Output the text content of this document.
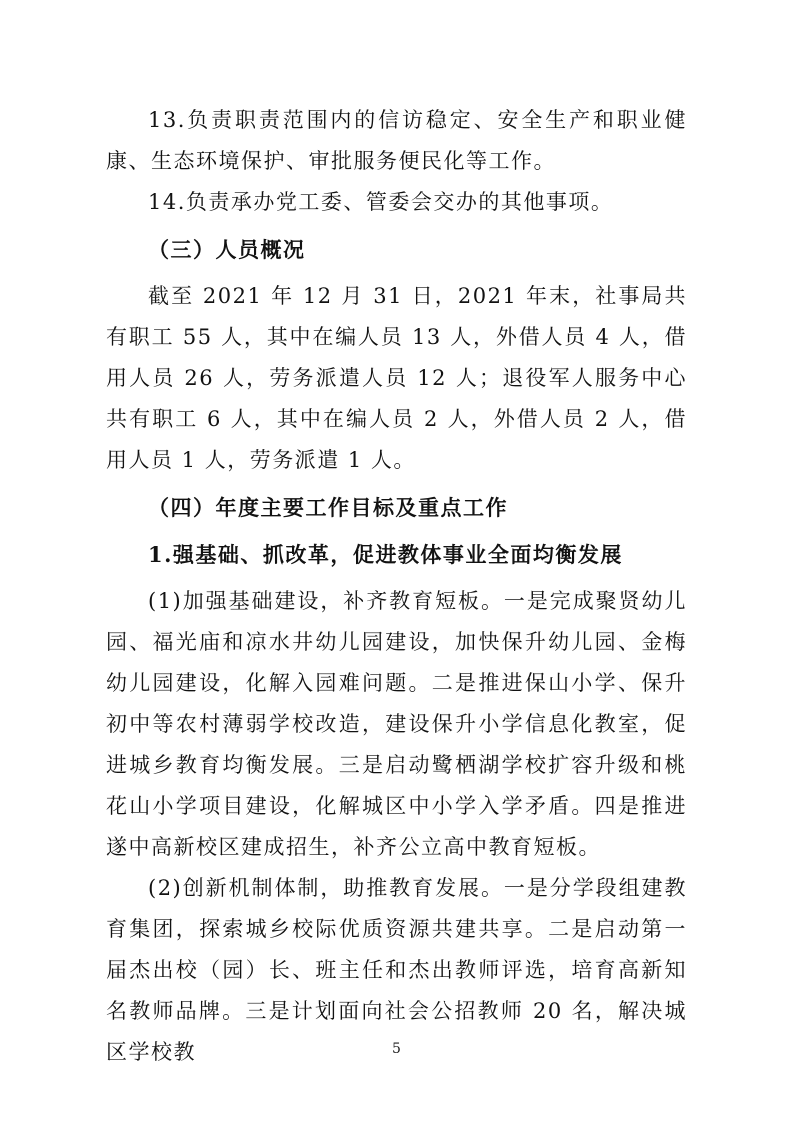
13.负责职责范围内的信访稳定、安全生产和职业健康、生态环境保护、审批服务便民化等工作。

14.负责承办党工委、管委会交办的其他事项。

（三）人员概况

截至 2021 年 12 月 31 日，2021 年末，社事局共有职工 55 人，其中在编人员 13 人，外借人员 4 人，借用人员 26 人，劳务派遣人员 12 人；退役军人服务中心共有职工 6 人，其中在编人员 2 人，外借人员 2 人，借用人员 1 人，劳务派遣 1 人。

（四）年度主要工作目标及重点工作

1.强基础、抓改革，促进教体事业全面均衡发展

(1)加强基础建设，补齐教育短板。一是完成聚贤幼儿园、福光庙和凉水井幼儿园建设，加快保升幼儿园、金梅幼儿园建设，化解入园难问题。二是推进保山小学、保升初中等农村薄弱学校改造，建设保升小学信息化教室，促进城乡教育均衡发展。三是启动鹭栖湖学校扩容升级和桃花山小学项目建设，化解城区中小学入学矛盾。四是推进遂中高新校区建成招生，补齐公立高中教育短板。

(2)创新机制体制，助推教育发展。一是分学段组建教育集团，探索城乡校际优质资源共建共享。二是启动第一届杰出校（园）长、班主任和杰出教师评选，培育高新知名教师品牌。三是计划面向社会公招教师 20 名，解决城区学校教	5
